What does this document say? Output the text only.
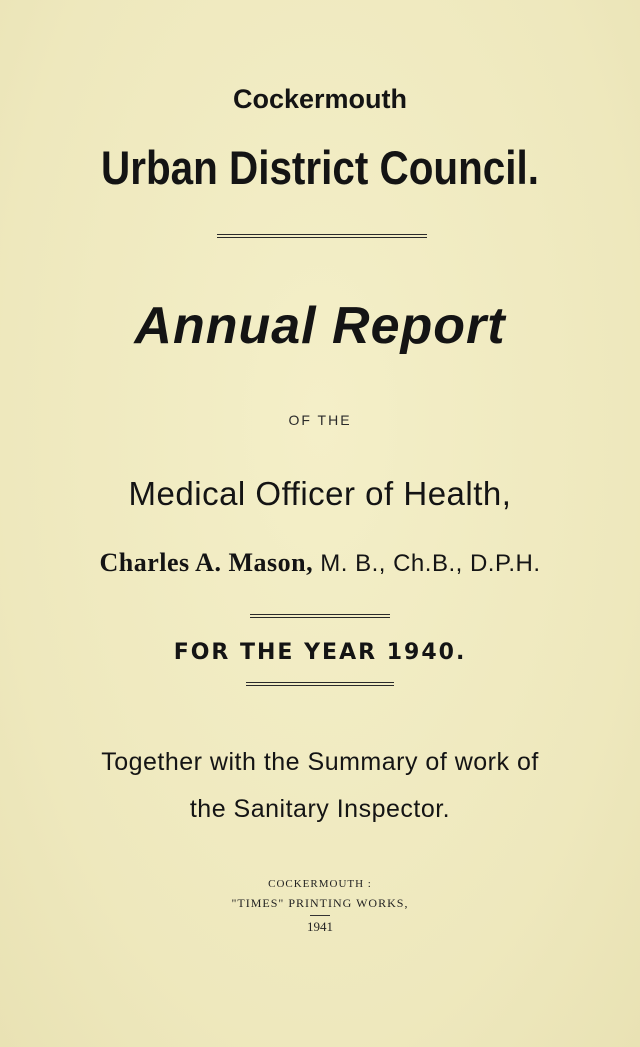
Cockermouth
Urban District Council.
Annual Report
OF THE
Medical Officer of Health,
Charles A. Mason, M. B., Ch.B., D.P.H.
FOR THE YEAR 1940.
Together with the Summary of work of
the Sanitary Inspector.
COCKERMOUTH :
"TIMES" PRINTING WORKS,
1941
